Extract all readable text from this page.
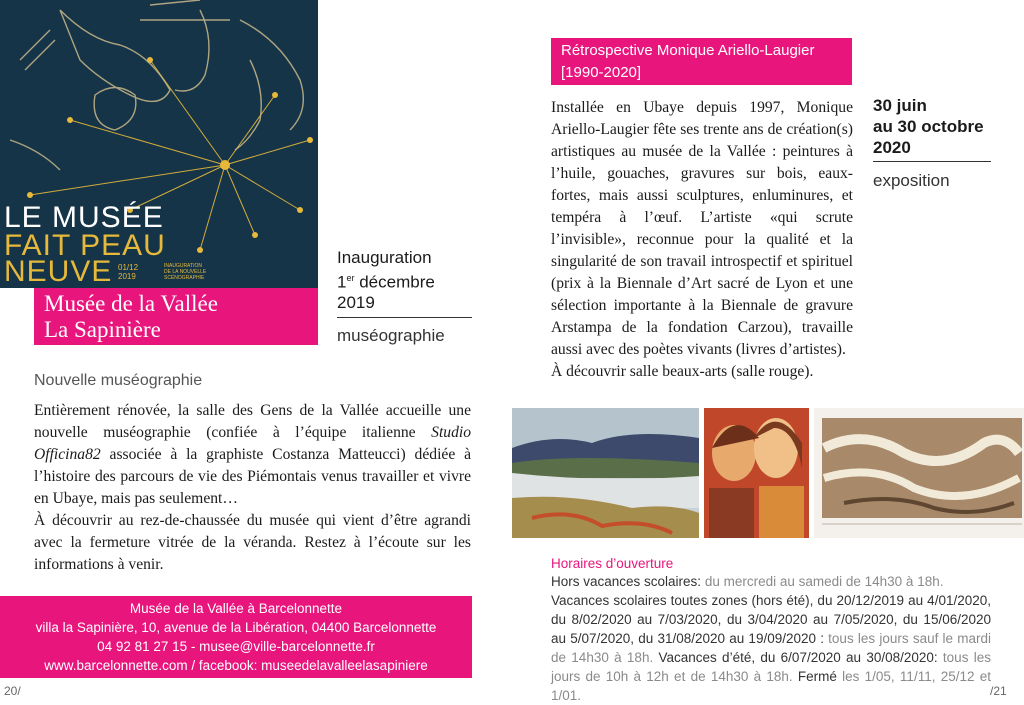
LE MUSÉE
FAIT PEAU
NEUVE 01/12
2019
INAUGURATION
DE LA NOUVELLE
SCÉNOGRAPHIE
Musée de la Vallée
La Sapinière
Inauguration
1er décembre
2019
muséographie
Nouvelle muséographie

Entièrement rénovée, la salle des Gens de la Vallée accueille une nouvelle muséographie (confiée à l’équipe italienne Studio Officina82 associée à la graphiste Costanza Matteucci) dédiée à l’histoire des parcours de vie des Piémontais venus travailler et vivre en Ubaye, mais pas seulement…

À découvrir au rez-de-chaussée du musée qui vient d’être agrandi avec la fermeture vitrée de la véranda. Restez à l’écoute sur les informations à venir.

Musée de la Vallée à Barcelonnette
villa la Sapinière, 10, avenue de la Libération, 04400 Barcelonnette
04 92 81 27 15 - musee@ville-barcelonnette.fr
www.barcelonnette.com / facebook: museedelavalleelasapiniere
20/	/21
Rétrospective Monique Ariello-Laugier
[1990-2020]

Installée en Ubaye depuis 1997, Monique Ariello-Laugier fête ses trente ans de création(s) artistiques au musée de la Vallée : peintures à l’huile, gouaches, gravures sur bois, eaux-fortes, mais aussi sculptures, enluminures, et tempéra à l’œuf. L’artiste «qui scrute l’invisible», reconnue pour la qualité et la singularité de son travail introspectif et spirituel (prix à la Biennale d’Art sacré de Lyon et une sélection importante à la Biennale de gravure Arstampa de la fondation Carzou), travaille aussi avec des poètes vivants (livres d’artistes).

À découvrir salle beaux-arts (salle rouge).

30 juin
au 30 octobre
2020
exposition
Horaires d’ouverture

Hors vacances scolaires: du mercredi au samedi de 14h30 à 18h.

Vacances scolaires toutes zones (hors été), du 20/12/2019 au 4/01/2020, du 8/02/2020 au 7/03/2020, du 3/04/2020 au 7/05/2020, du 15/06/2020 au 5/07/2020, du 31/08/2020 au 19/09/2020 : tous les jours sauf le mardi de 14h30 à 18h. Vacances d’été, du 6/07/2020 au 30/08/2020: tous les jours de 10h à 12h et de 14h30 à 18h. Fermé les 1/05, 11/11, 25/12 et 1/01.
